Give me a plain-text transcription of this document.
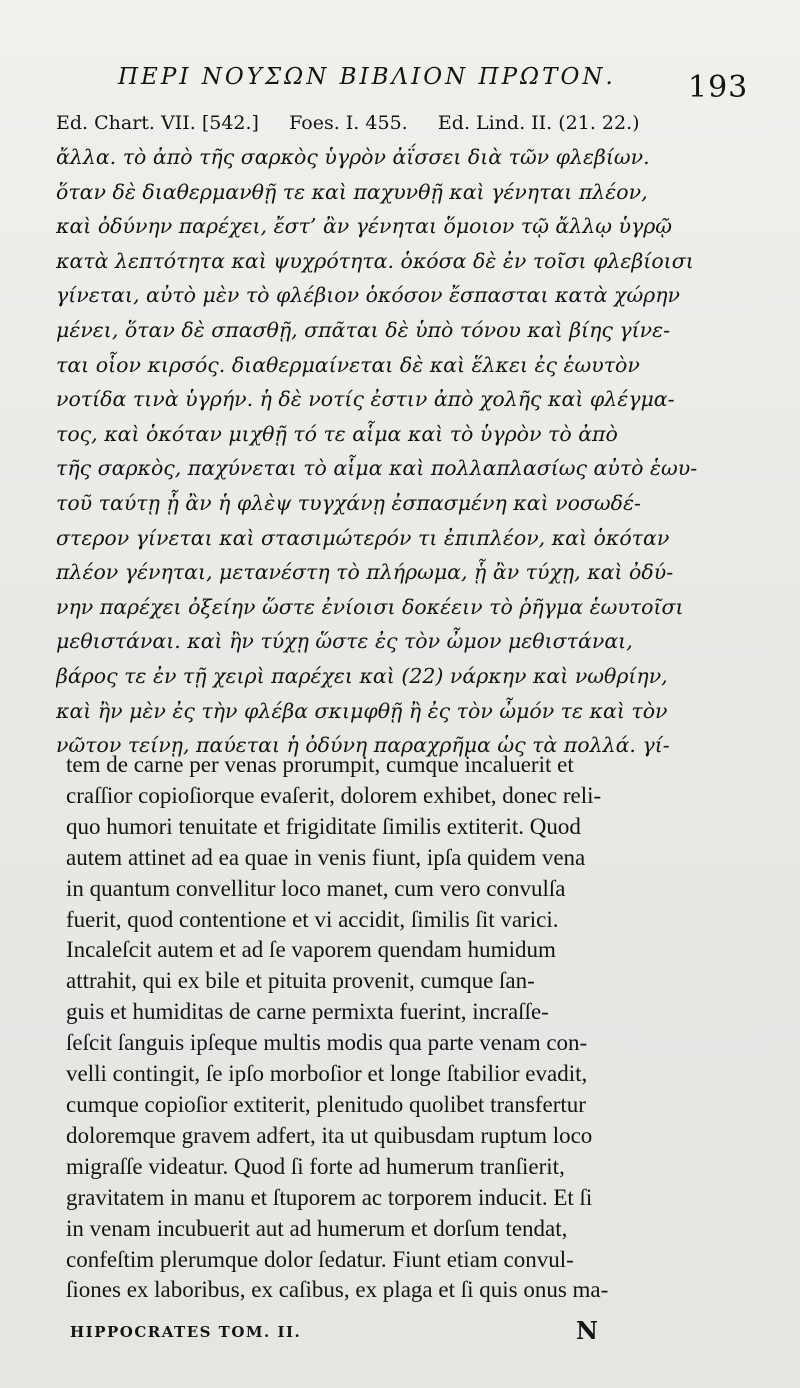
ΠΕΡΙ ΝΟΥΣΩΝ ΒΙΒΛΙΟΝ ΠΡΩΤΟΝ.	193
Ed. Chart. VII. [542.]     Foes. I. 455.     Ed. Lind. II. (21. 22.)
ἄλλα. τὸ ἀπὸ τῆς σαρκὸς ὑγρὸν ἀΐσσει διὰ τῶν φλεβίων.
ὅταν δὲ διαθερμανθῇ τε καὶ παχυνθῇ καὶ γένηται πλέον,
καὶ ὀδύνην παρέχει, ἔστ’ ἂν γένηται ὅμοιον τῷ ἄλλῳ ὑγρῷ
κατὰ λεπτότητα καὶ ψυχρότητα. ὁκόσα δὲ ἐν τοῖσι φλεβίοισι
γίνεται, αὐτὸ μὲν τὸ φλέβιον ὁκόσον ἔσπασται κατὰ χώρην
μένει, ὅταν δὲ σπασθῇ, σπᾶται δὲ ὑπὸ τόνου καὶ βίης γίνε-
ται οἷον κιρσός. διαθερμαίνεται δὲ καὶ ἕλκει ἐς ἑωυτὸν
νοτίδα τινὰ ὑγρήν. ἡ δὲ νοτίς ἐστιν ἀπὸ χολῆς καὶ φλέγμα-
τος, καὶ ὁκόταν μιχθῇ τό τε αἷμα καὶ τὸ ὑγρὸν τὸ ἀπὸ
τῆς σαρκὸς, παχύνεται τὸ αἷμα καὶ πολλαπλασίως αὐτὸ ἑωυ-
τοῦ ταύτῃ ᾗ ἂν ἡ φλὲψ τυγχάνῃ ἐσπασμένη καὶ νοσωδέ-
στερον γίνεται καὶ στασιμώτερόν τι ἐπιπλέον, καὶ ὁκόταν
πλέον γένηται, μετανέστη τὸ πλήρωμα, ᾗ ἂν τύχῃ, καὶ ὀδύ-
νην παρέχει ὀξείην ὥστε ἐνίοισι δοκέειν τὸ ῥῆγμα ἑωυτοῖσι
μεθιστάναι. καὶ ἢν τύχῃ ὥστε ἐς τὸν ὦμον μεθιστάναι,
βάρος τε ἐν τῇ χειρὶ παρέχει καὶ (22) νάρκην καὶ νωθρίην,
καὶ ἢν μὲν ἐς τὴν φλέβα σκιμφθῇ ἢ ἐς τὸν ὦμόν τε καὶ τὸν
νῶτον τείνῃ, παύεται ἡ ὀδύνη παραχρῆμα ὡς τὰ πολλά. γί-
tem de carne per venas prorumpit, cumque incaluerit et
craſſior copioſiorque evaſerit, dolorem exhibet, donec reli-
quo humori tenuitate et frigiditate ſimilis extiterit. Quod
autem attinet ad ea quae in venis fiunt, ipſa quidem vena
in quantum convellitur loco manet, cum vero convulſa
fuerit, quod contentione et vi accidit, ſimilis ſit varici.
Incaleſcit autem et ad ſe vaporem quendam humidum
attrahit, qui ex bile et pituita provenit, cumque ſan-
guis et humiditas de carne permixta fuerint, incraſſe-
ſeſcit ſanguis ipſeque multis modis qua parte venam con-
velli contingit, ſe ipſo morboſior et longe ſtabilior evadit,
cumque copioſior extiterit, plenitudo quolibet transfertur
doloremque gravem adfert, ita ut quibusdam ruptum loco
migraſſe videatur. Quod ſi forte ad humerum tranſierit,
gravitatem in manu et ſtuporem ac torporem inducit. Et ſi
in venam incubuerit aut ad humerum et dorſum tendat,
confeſtim plerumque dolor ſedatur. Fiunt etiam convul-
ſiones ex laboribus, ex caſibus, ex plaga et ſi quis onus ma-
HIPPOCRATES TOM. II.	N
